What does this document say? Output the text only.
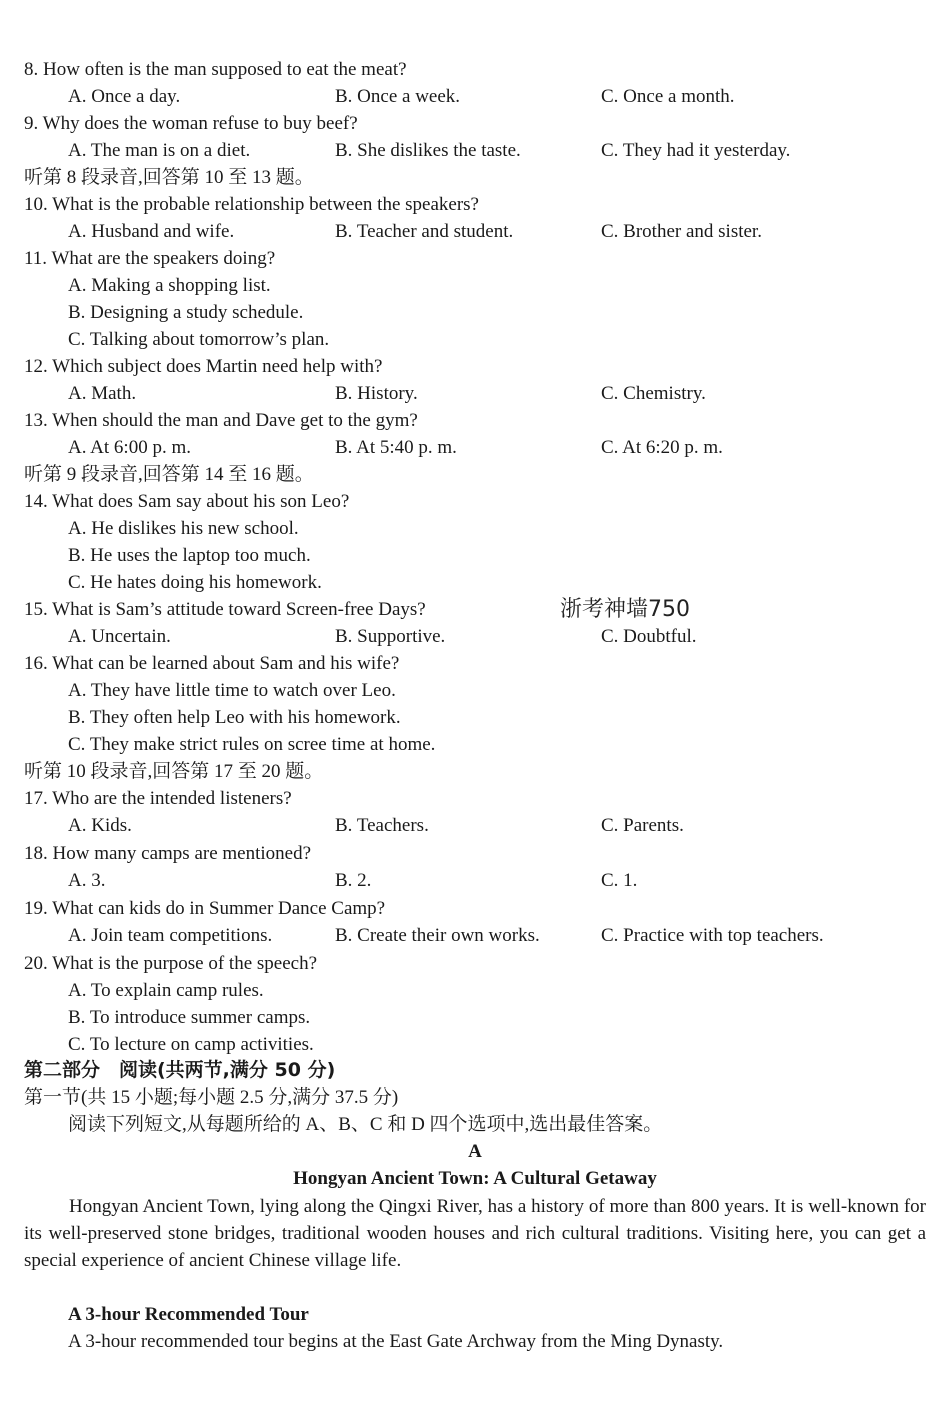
8. How often is the man supposed to eat the meat?
A. Once a day.	B. Once a week.	C. Once a month.
9. Why does the woman refuse to buy beef?
A. The man is on a diet.	B. She dislikes the taste.	C. They had it yesterday.
听第 8 段录音,回答第 10 至 13 题。
10. What is the probable relationship between the speakers?
A. Husband and wife.	B. Teacher and student.	C. Brother and sister.
11. What are the speakers doing?
A. Making a shopping list.
B. Designing a study schedule.
C. Talking about tomorrow’s plan.
12. Which subject does Martin need help with?
A. Math.	B. History.	C. Chemistry.
13. When should the man and Dave get to the gym?
A. At 6:00 p. m.	B. At 5:40 p. m.	C. At 6:20 p. m.
听第 9 段录音,回答第 14 至 16 题。
14. What does Sam say about his son Leo?
A. He dislikes his new school.
B. He uses the laptop too much.
C. He hates doing his homework.
15. What is Sam’s attitude toward Screen-free Days?	浙考神墙750
A. Uncertain.	B. Supportive.	C. Doubtful.
16. What can be learned about Sam and his wife?
A. They have little time to watch over Leo.
B. They often help Leo with his homework.
C. They make strict rules on scree time at home.
听第 10 段录音,回答第 17 至 20 题。
17. Who are the intended listeners?
A. Kids.	B. Teachers.	C. Parents.
18. How many camps are mentioned?
A. 3.	B. 2.	C. 1.
19. What can kids do in Summer Dance Camp?
A. Join team competitions.	B. Create their own works.	C. Practice with top teachers.
20. What is the purpose of the speech?
A. To explain camp rules.
B. To introduce summer camps.
C. To lecture on camp activities.
第二部分　阅读(共两节,满分 50 分)
第一节(共 15 小题;每小题 2.5 分,满分 37.5 分)
阅读下列短文,从每题所给的 A、B、C 和 D 四个选项中,选出最佳答案。
A
Hongyan Ancient Town: A Cultural Getaway
Hongyan Ancient Town, lying along the Qingxi River, has a history of more than 800 years. It is well-known for its well-preserved stone bridges, traditional wooden houses and rich cultural traditions. Visiting here, you can get a special experience of ancient Chinese village life.
A 3-hour Recommended Tour
A 3-hour recommended tour begins at the East Gate Archway from the Ming Dynasty.
